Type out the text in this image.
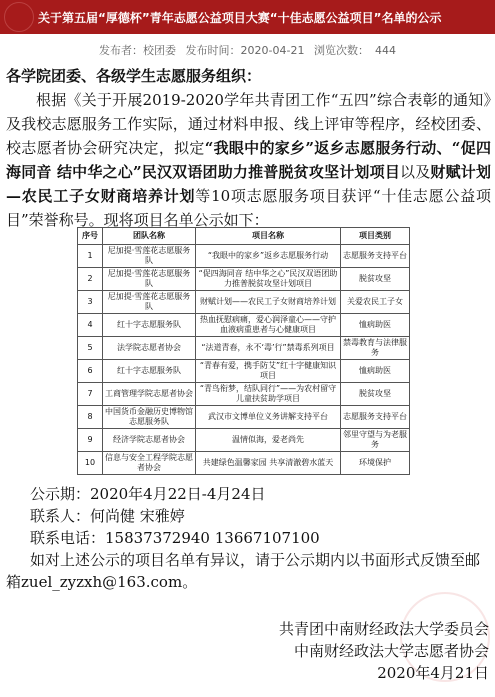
关于第五届“厚德杯”青年志愿公益项目大赛“十佳志愿公益项目”名单的公示
发布者：校团委 发布时间：2020-04-21 浏览次数： 444

各学院团委、各级学生志愿服务组织：

根据《关于开展2019-2020学年共青团工作“五四”综合表彰的通知》及我校志愿服务工作实际，通过材料申报、线上评审等程序，经校团委、校志愿者协会研究决定，拟定“我眼中的家乡”返乡志愿服务行动、“促四海同音 结中华之心”民汉双语团助力推普脱贫攻坚计划项目以及财赋计划—农民工子女财商培养计划等10项志愿服务项目获评“十佳志愿公益项目”荣誉称号。现将项目名单公示如下：

序号	团队名称	项目名称	项目类别
1	尼加提·雪莲花志愿服务队	“我眼中的家乡”返乡志愿服务行动	志愿服务支持平台
2	尼加提·雪莲花志愿服务队	“促四海同音 结中华之心”民汉双语团助力推普脱贫攻坚计划项目	脱贫攻坚
3	尼加提·雪莲花志愿服务队	财赋计划——农民工子女财商培养计划	关爱农民工子女
4	红十字志愿服务队	热血抚慰病痛，爱心润泽童心——守护血液病重患者与心健康项目	恤病助医
5	法学院志愿者协会	“法道青春，永不‘毒’行”禁毒系列项目	禁毒教育与法律服务
6	红十字志愿服务队	“青春有爱，携手防艾”红十字健康知识项目	恤病助医
7	工商管理学院志愿者协会	“青鸟衔梦，结队同行”——为农村留守儿童扶贫助学项目	脱贫攻坚
8	中国货币金融历史博物馆志愿服务队	武汉市文博单位义务讲解支持平台	志愿服务支持平台
9	经济学院志愿者协会	温情似海，爱老尚先	邻里守望与为老服务
10	信息与安全工程学院志愿者协会	共建绿色温馨家园 共享清澈碧水蓝天	环境保护

公示期：2020年4月22日-4月24日

联系人：何尚健 宋雅婷

联系电话：15837372940 13667107100

如对上述公示的项目名单有异议，请于公示期内以书面形式反馈至邮箱zuel_zyzxh@163.com。

共青团中南财经政法大学委员会

中南财经政法大学志愿者协会

2020年4月21日
